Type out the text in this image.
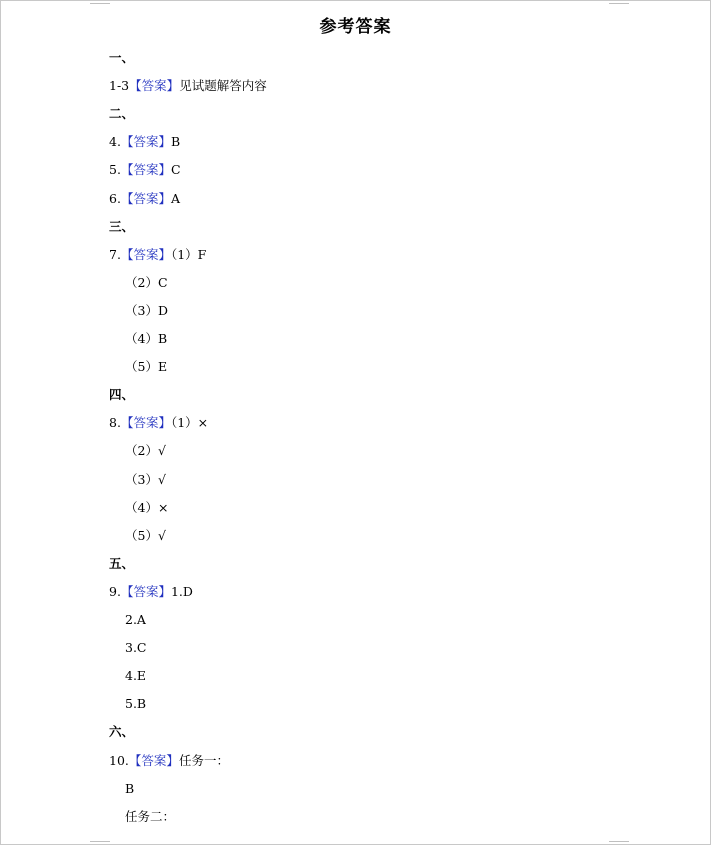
参考答案
一、
1-3【答案】见试题解答内容
二、
4.【答案】B
5.【答案】C
6.【答案】A
三、
7.【答案】（1）F
（2）C
（3）D
（4）B
（5）E
四、
8.【答案】（1）×
（2）√
（3）√
（4）×
（5）√
五、
9.【答案】1.D
2.A
3.C
4.E
5.B
六、
10.【答案】任务一：
B
任务二：
